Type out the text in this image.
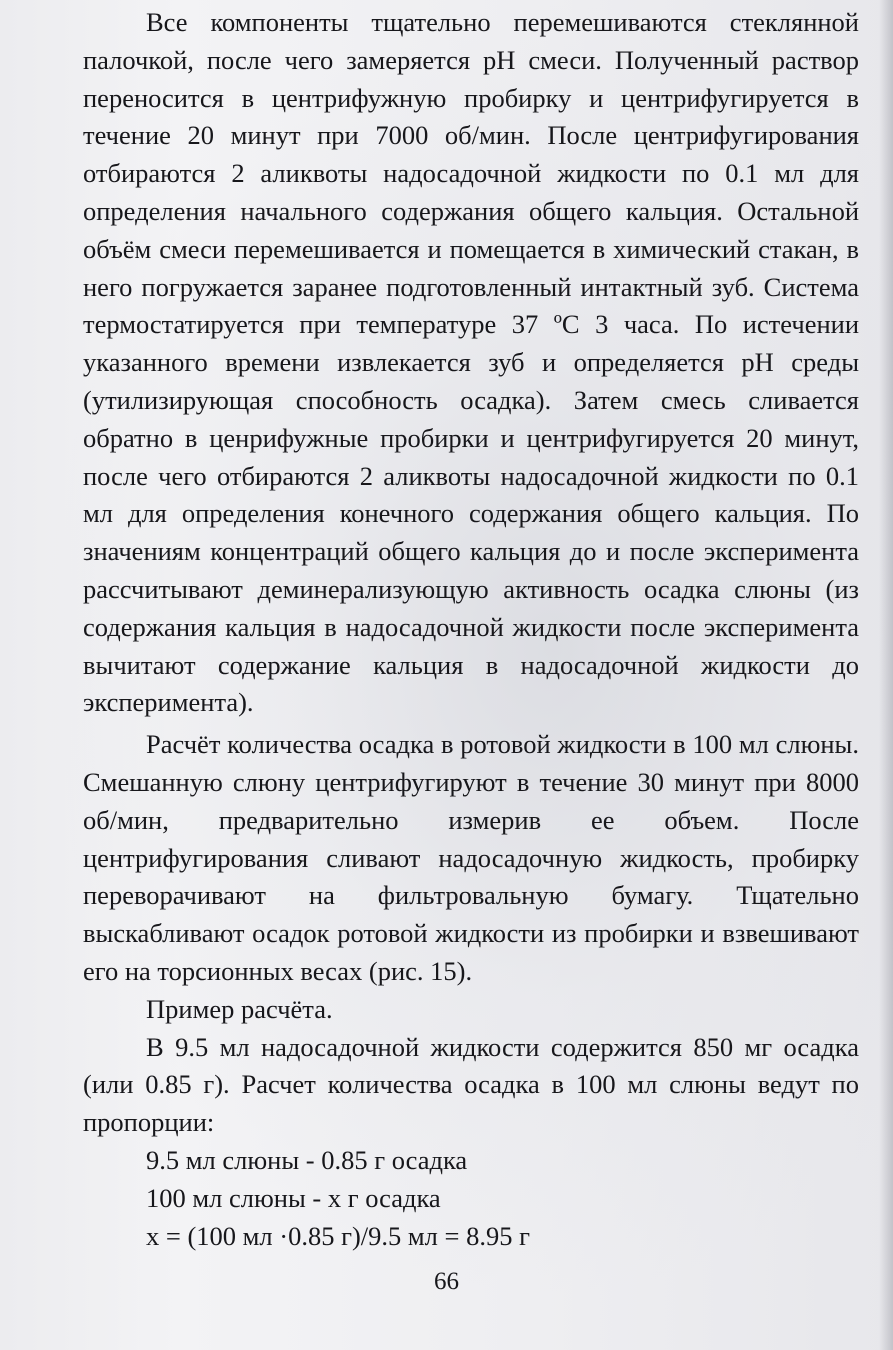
Все компоненты тщательно перемешиваются стеклянной палочкой, после чего замеряется pH смеси. Полученный раствор переносится в центрифужную пробирку и центрифугируется в течение 20 минут при 7000 об/мин. После центрифугирования отбираются 2 аликвоты надосадочной жидкости по 0.1 мл для определения начального содержания общего кальция. Остальной объём смеси перемешивается и помещается в химический стакан, в него погружается заранее подготовленный интактный зуб. Система термостатируется при температуре 37 ºС 3 часа. По истечении указанного времени извлекается зуб и определяется pH среды (утилизирующая способность осадка). Затем смесь сливается обратно в ценрифужные пробирки и центрифугируется 20 минут, после чего отбираются 2 аликвоты надосадочной жидкости по 0.1 мл для определения конечного содержания общего кальция. По значениям концентраций общего кальция до и после эксперимента рассчитывают деминерализующую активность осадка слюны (из содержания кальция в надосадочной жидкости после эксперимента вычитают содержание кальция в надосадочной жидкости до эксперимента).

Расчёт количества осадка в ротовой жидкости в 100 мл слюны. Смешанную слюну центрифугируют в течение 30 минут при 8000 об/мин, предварительно измерив ее объем. После центрифугирования сливают надосадочную жидкость, пробирку переворачивают на фильтровальную бумагу. Тщательно выскабливают осадок ротовой жидкости из пробирки и взвешивают его на торсионных весах (рис. 15).

Пример расчёта.

В 9.5 мл надосадочной жидкости содержится 850 мг осадка (или 0.85 г). Расчет количества осадка в 100 мл слюны ведут по пропорции:

9.5 мл слюны - 0.85 г осадка

100 мл слюны - х г осадка

х = (100 мл ·0.85 г)/9.5 мл = 8.95 г

66
